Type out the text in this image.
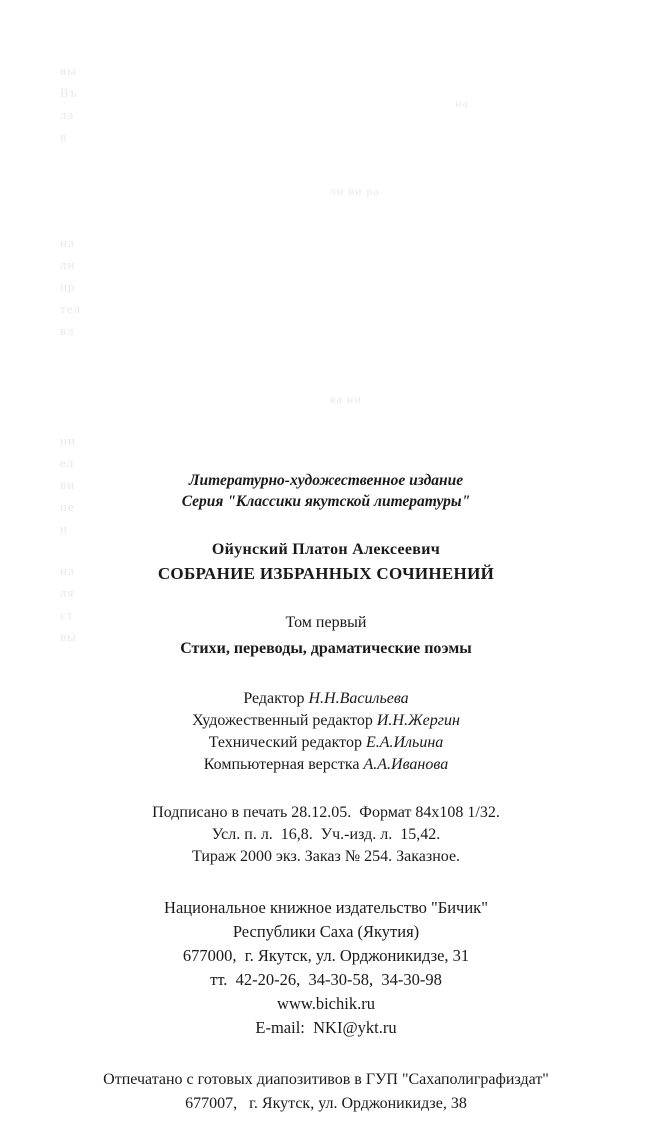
вы
Въ
ла
в
на
ли
пр
тел
вл
ни
ел
ви
пе
н
на
ля
ст
вы
ли ви ра
на
ва ни
Литературно-художественное издание
Серия "Классики якутской литературы"
Ойунский Платон Алексеевич
СОБРАНИЕ ИЗБРАННЫХ СОЧИНЕНИЙ
Том первый
Стихи, переводы, драматические поэмы
Редактор Н.Н.Васильева
Художественный редактор И.Н.Жергин
Технический редактор Е.А.Ильина
Компьютерная верстка А.А.Иванова
Подписано в печать 28.12.05.  Формат 84х108 1/32.
Усл. п. л.  16,8.  Уч.-изд. л.  15,42.
Тираж 2000 экз. Заказ № 254. Заказное.
Национальное книжное издательство "Бичик"
Республики Саха (Якутия)
677000,  г. Якутск, ул. Орджоникидзе, 31
тт.  42-20-26,  34-30-58,  34-30-98
www.bichik.ru
E-mail:  NKI@ykt.ru
Отпечатано с готовых диапозитивов в ГУП "Сахаполиграфиздат"
677007,   г. Якутск, ул. Орджоникидзе, 38
